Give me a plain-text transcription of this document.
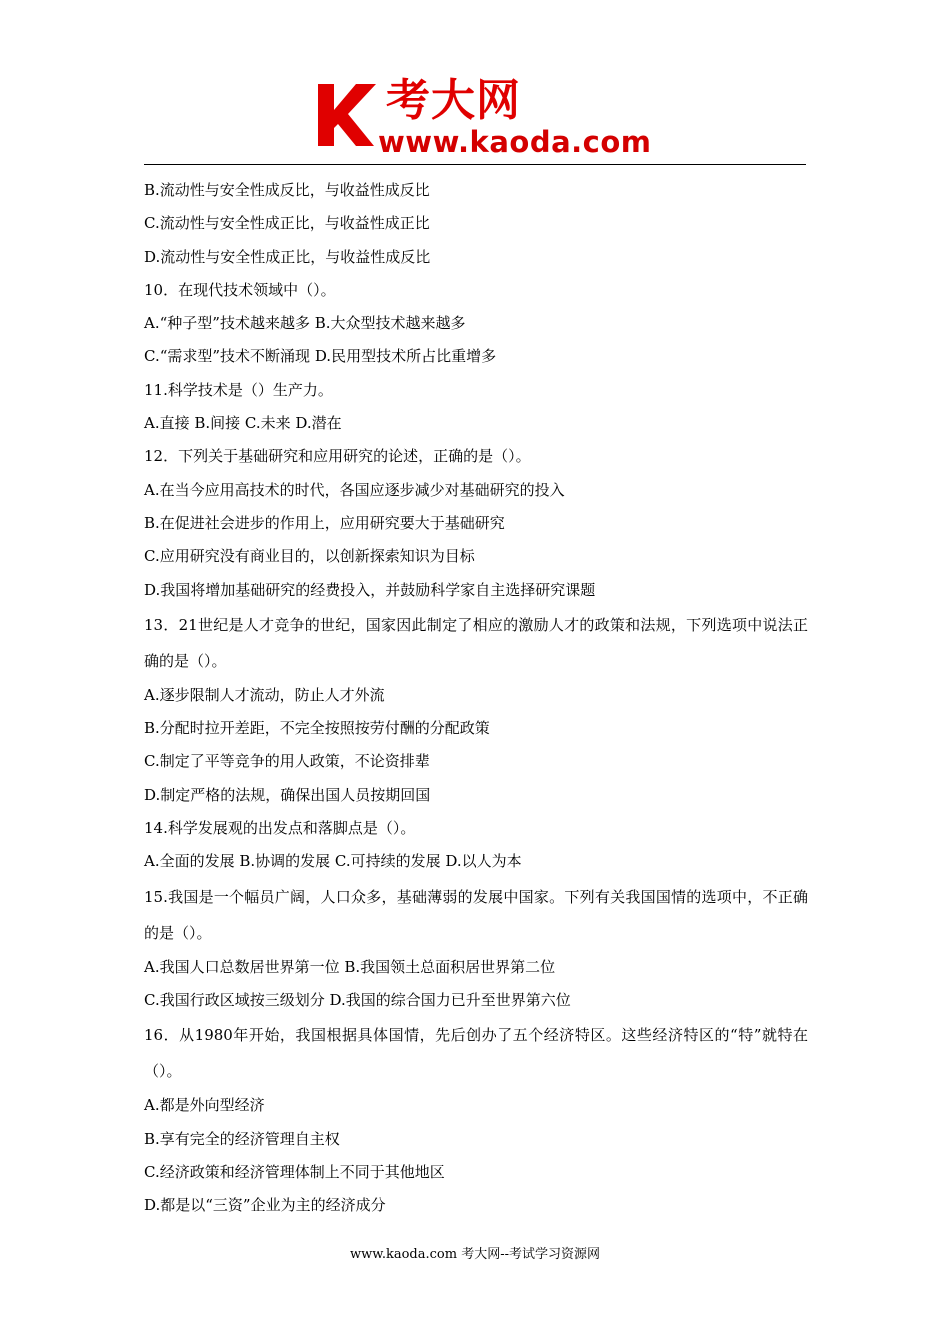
考大网
www.kaoda.com
B.流动性与安全性成反比，与收益性成反比
C.流动性与安全性成正比，与收益性成正比
D.流动性与安全性成正比，与收益性成反比
10．在现代技术领域中（）。
A.“种子型”技术越来越多 B.大众型技术越来越多
C.“需求型”技术不断涌现 D.民用型技术所占比重增多
11.科学技术是（）生产力。
A.直接 B.间接 C.未来 D.潜在
12．下列关于基础研究和应用研究的论述，正确的是（）。
A.在当今应用高技术的时代，各国应逐步减少对基础研究的投入
B.在促进社会进步的作用上，应用研究要大于基础研究
C.应用研究没有商业目的，以创新探索知识为目标
D.我国将增加基础研究的经费投入，并鼓励科学家自主选择研究课题
13．21世纪是人才竞争的世纪，国家因此制定了相应的激励人才的政策和法规，下列选项中说法正确的是（）。
A.逐步限制人才流动，防止人才外流
B.分配时拉开差距，不完全按照按劳付酬的分配政策
C.制定了平等竞争的用人政策，不论资排辈
D.制定严格的法规，确保出国人员按期回国
14.科学发展观的出发点和落脚点是（）。
A.全面的发展 B.协调的发展 C.可持续的发展 D.以人为本
15.我国是一个幅员广阔，人口众多，基础薄弱的发展中国家。下列有关我国国情的选项中，不正确的是（）。
A.我国人口总数居世界第一位 B.我国领土总面积居世界第二位
C.我国行政区域按三级划分 D.我国的综合国力已升至世界第六位
16．从1980年开始，我国根据具体国情，先后创办了五个经济特区。这些经济特区的“特”就特在（）。
A.都是外向型经济
B.享有完全的经济管理自主权
C.经济政策和经济管理体制上不同于其他地区
D.都是以“三资”企业为主的经济成分
www.kaoda.com 考大网--考试学习资源网
